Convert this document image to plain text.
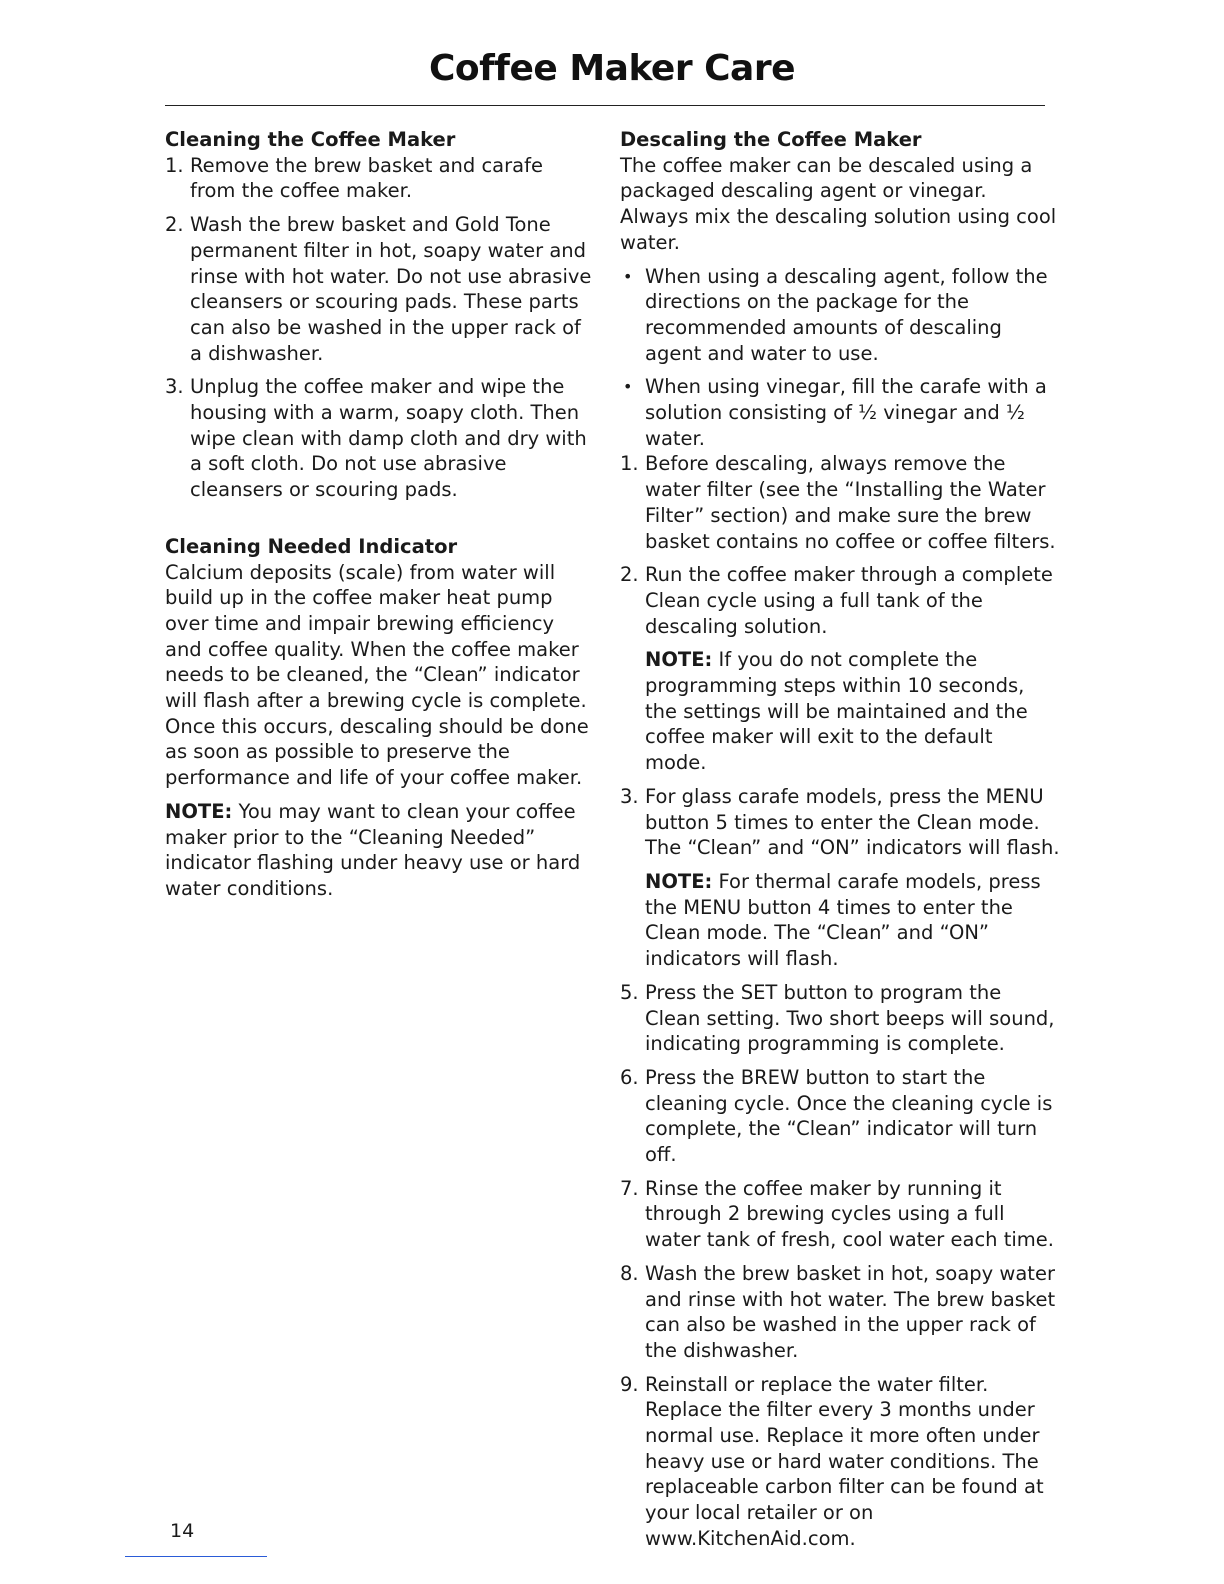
Coffee Maker Care
Cleaning the Coffee Maker
1. Remove the brew basket and carafe from the coffee maker.
2. Wash the brew basket and Gold Tone permanent filter in hot, soapy water and rinse with hot water. Do not use abrasive cleansers or scouring pads. These parts can also be washed in the upper rack of a dishwasher.
3. Unplug the coffee maker and wipe the housing with a warm, soapy cloth. Then wipe clean with damp cloth and dry with a soft cloth. Do not use abrasive cleansers or scouring pads.
Cleaning Needed Indicator

Calcium deposits (scale) from water will build up in the coffee maker heat pump over time and impair brewing efficiency and coffee quality. When the coffee maker needs to be cleaned, the “Clean” indicator will flash after a brewing cycle is complete. Once this occurs, descaling should be done as soon as possible to preserve the performance and life of your coffee maker.

NOTE: You may want to clean your coffee maker prior to the “Cleaning Needed” indicator flashing under heavy use or hard water conditions.

Descaling the Coffee Maker

The coffee maker can be descaled using a packaged descaling agent or vinegar. Always mix the descaling solution using cool water.

• When using a descaling agent, follow the directions on the package for the recommended amounts of descaling agent and water to use.
• When using vinegar, fill the carafe with a solution consisting of ½ vinegar and ½ water.
1. Before descaling, always remove the water filter (see the “Installing the Water Filter” section) and make sure the brew basket contains no coffee or coffee filters.
2. Run the coffee maker through a complete Clean cycle using a full tank of the descaling solution.

NOTE: If you do not complete the programming steps within 10 seconds, the settings will be maintained and the coffee maker will exit to the default mode.

3. For glass carafe models, press the MENU button 5 times to enter the Clean mode. The “Clean” and “ON” indicators will flash.

NOTE: For thermal carafe models, press the MENU button 4 times to enter the Clean mode. The “Clean” and “ON” indicators will flash.

5. Press the SET button to program the Clean setting. Two short beeps will sound, indicating programming is complete.
6. Press the BREW button to start the cleaning cycle. Once the cleaning cycle is complete, the “Clean” indicator will turn off.
7. Rinse the coffee maker by running it through 2 brewing cycles using a full water tank of fresh, cool water each time.
8. Wash the brew basket in hot, soapy water and rinse with hot water. The brew basket can also be washed in the upper rack of the dishwasher.
9. Reinstall or replace the water filter. Replace the filter every 3 months under normal use. Replace it more often under heavy use or hard water conditions. The replaceable carbon filter can be found at your local retailer or on www.KitchenAid.com.
14
